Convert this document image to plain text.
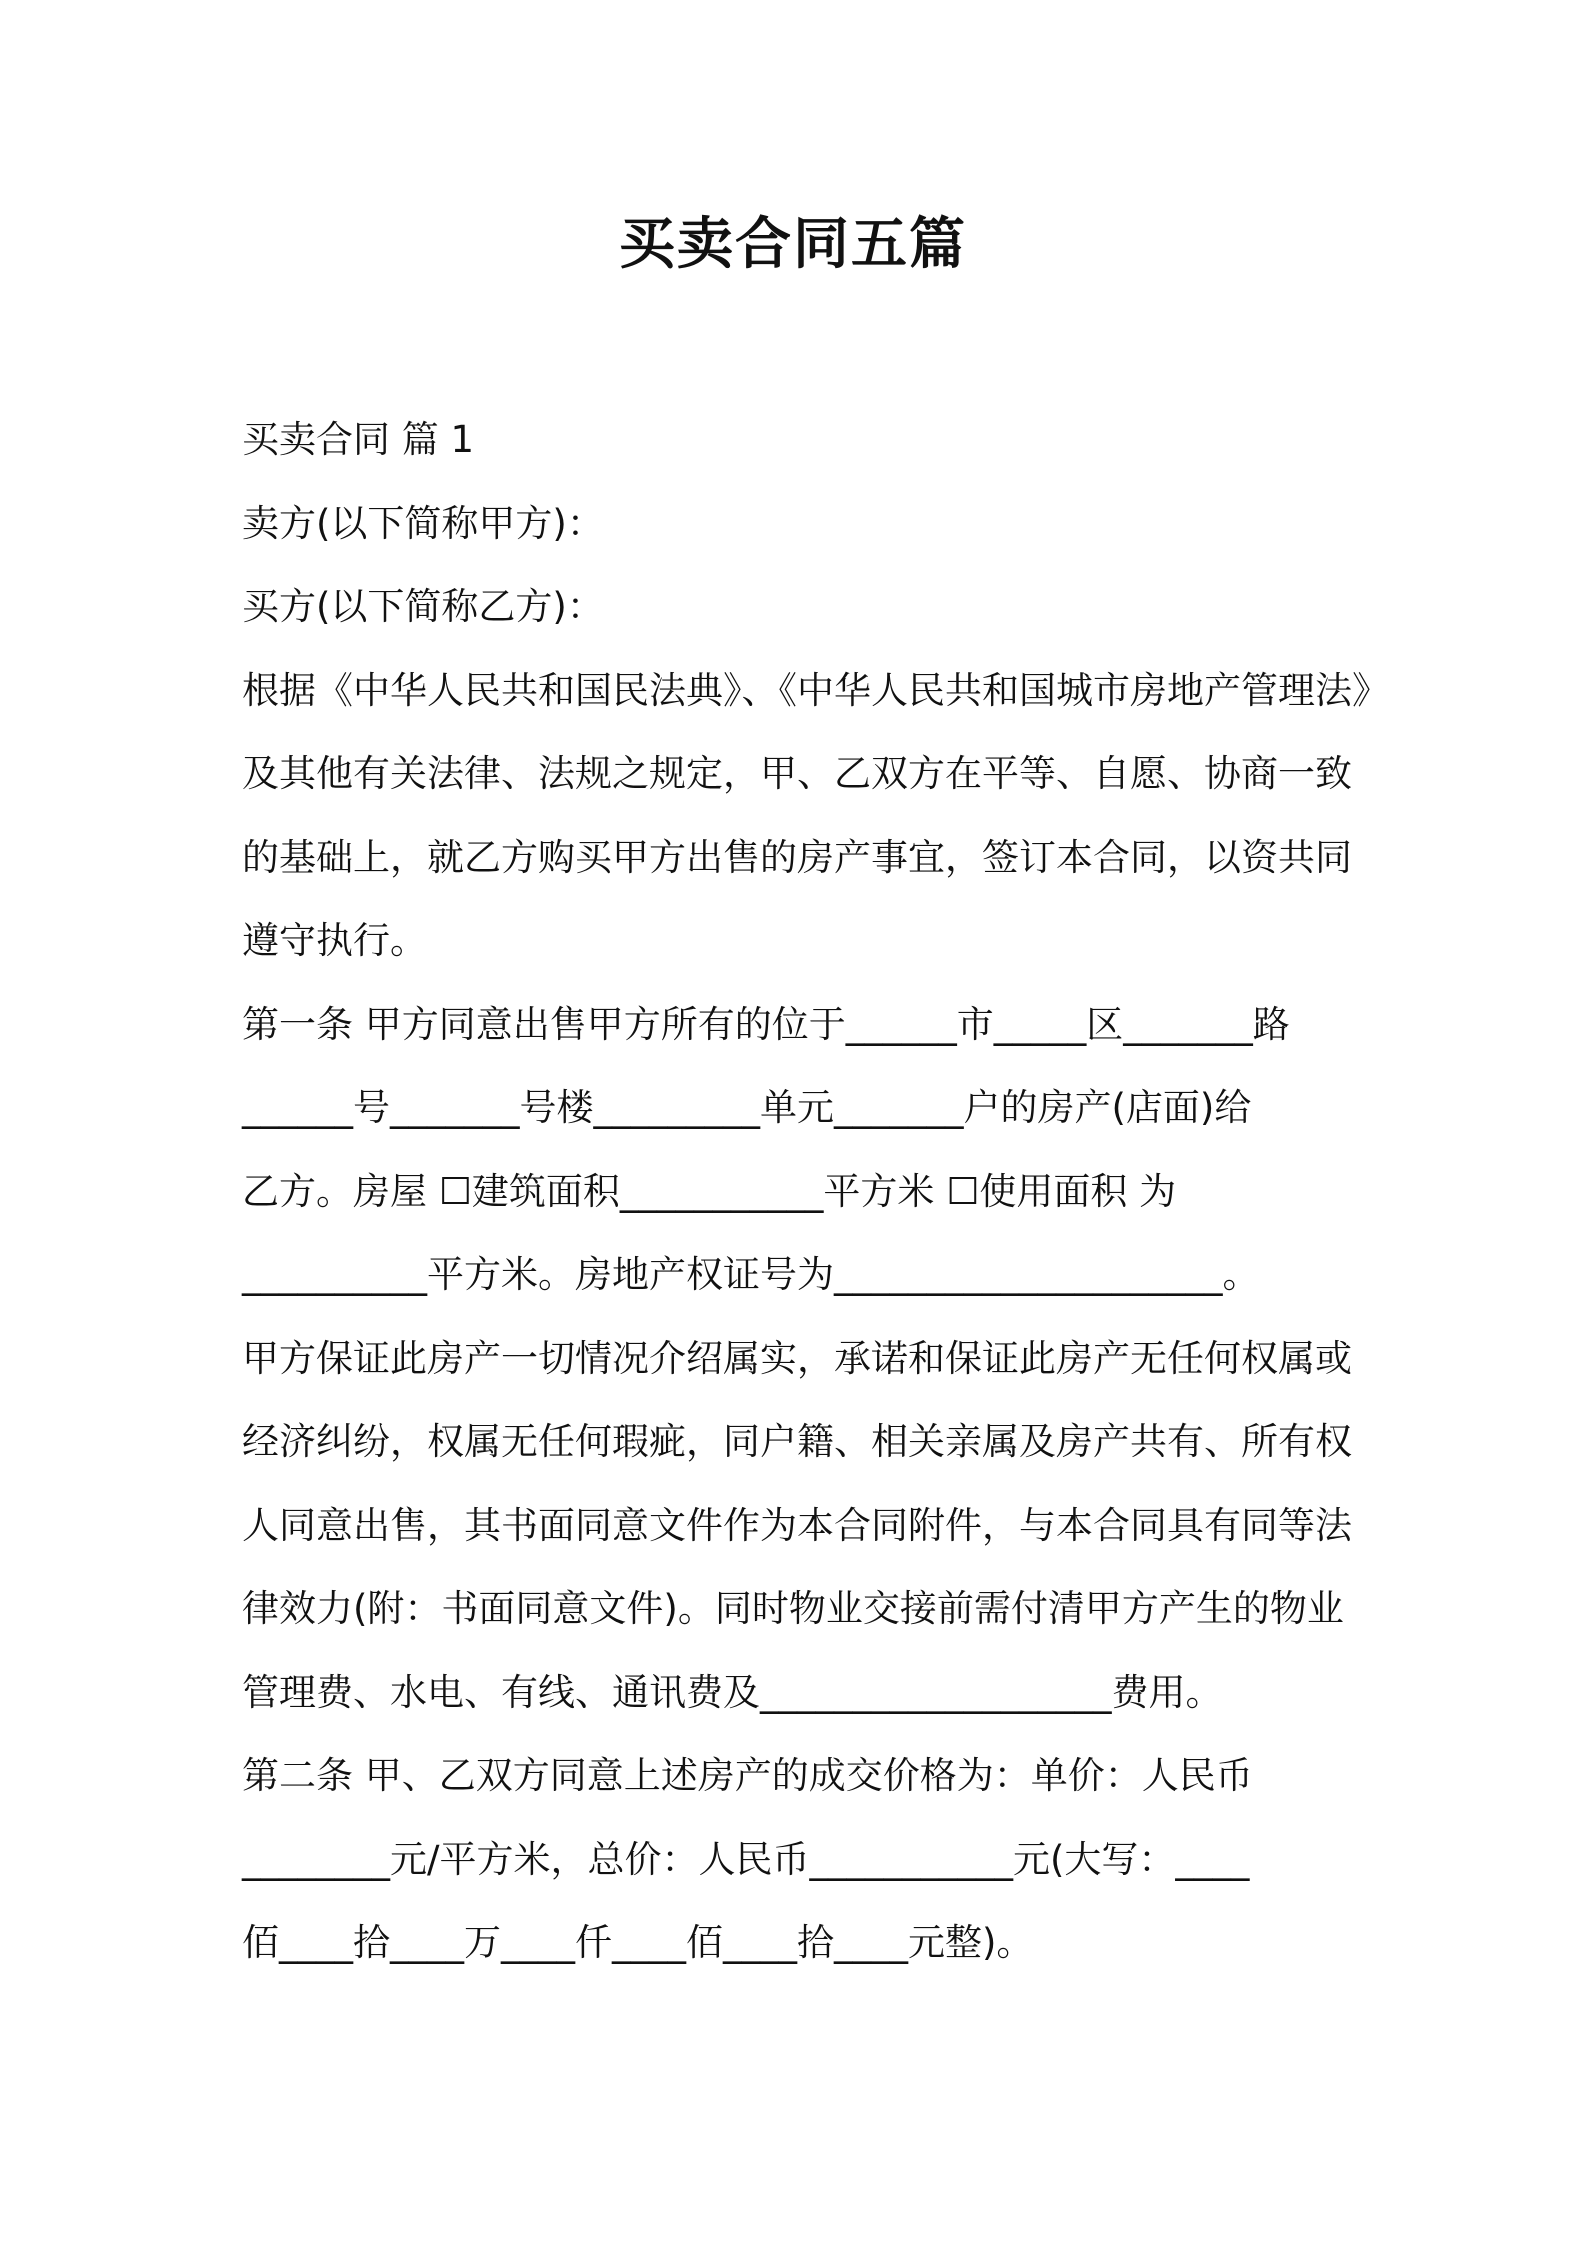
买卖合同五篇
买卖合同 篇 1
卖方(以下简称甲方)：
买方(以下简称乙方)：
根据《中华人民共和国民法典》、《中华人民共和国城市房地产管理法》
及其他有关法律、法规之规定，甲、乙双方在平等、自愿、协商一致
的基础上，就乙方购买甲方出售的房产事宜，签订本合同，以资共同
遵守执行。
第一条 甲方同意出售甲方所有的位于______市_____区_______路
______号_______号楼_________单元_______户的房产(店面)给
乙方。房屋 ☐建筑面积___________平方米 ☐使用面积 为
__________平方米。房地产权证号为_____________________。
甲方保证此房产一切情况介绍属实，承诺和保证此房产无任何权属或
经济纠纷，权属无任何瑕疵，同户籍、相关亲属及房产共有、所有权
人同意出售，其书面同意文件作为本合同附件，与本合同具有同等法
律效力(附：书面同意文件)。同时物业交接前需付清甲方产生的物业
管理费、水电、有线、通讯费及___________________费用。
第二条 甲、乙双方同意上述房产的成交价格为：单价：人民币
________元/平方米，总价：人民币___________元(大写：____
佰____拾____万____仟____佰____拾____元整)。
